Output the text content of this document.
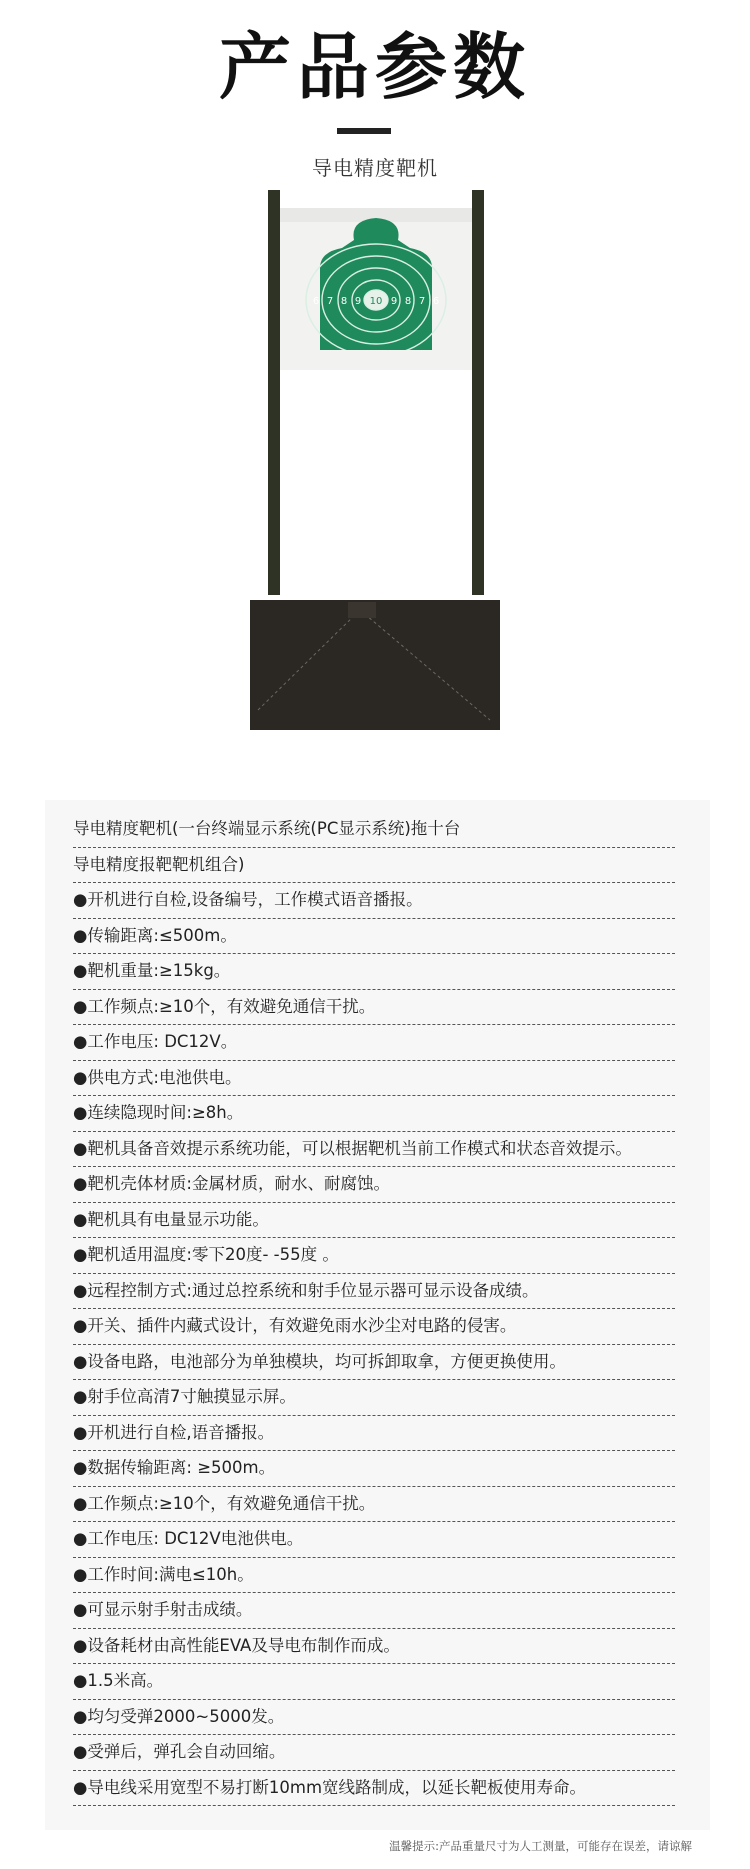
产品参数
导电精度靶机
6 7 8 9 10 9 8 7 6
导电精度靶机(一台终端显示系统(PC显示系统)拖十台
导电精度报靶靶机组合)
●开机进行自检,设备编号，工作模式语音播报。
●传输距离:≤500m。
●靶机重量:≥15kg。
●工作频点:≥10个，有效避免通信干扰。
●工作电压: DC12V。
●供电方式:电池供电。
●连续隐现时间:≥8h。
●靶机具备音效提示系统功能，可以根据靶机当前工作模式和状态音效提示。
●靶机壳体材质:金属材质，耐水、耐腐蚀。
●靶机具有电量显示功能。
●靶机适用温度:零下20度- -55度 。
●远程控制方式:通过总控系统和射手位显示器可显示设备成绩。
●开关、插件内藏式设计，有效避免雨水沙尘对电路的侵害。
●设备电路，电池部分为单独模块，均可拆卸取拿，方便更换使用。
●射手位高清7寸触摸显示屏。
●开机进行自检,语音播报。
●数据传输距离: ≥500m。
●工作频点:≥10个，有效避免通信干扰。
●工作电压: DC12V电池供电。
●工作时间:满电≤10h。
●可显示射手射击成绩。
●设备耗材由高性能EVA及导电布制作而成。
●1.5米高。
●均匀受弹2000~5000发。
●受弹后，弹孔会自动回缩。
●导电线采用宽型不易打断10mm宽线路制成，以延长靶板使用寿命。
温馨提示:产品重量尺寸为人工测量，可能存在误差，请谅解
